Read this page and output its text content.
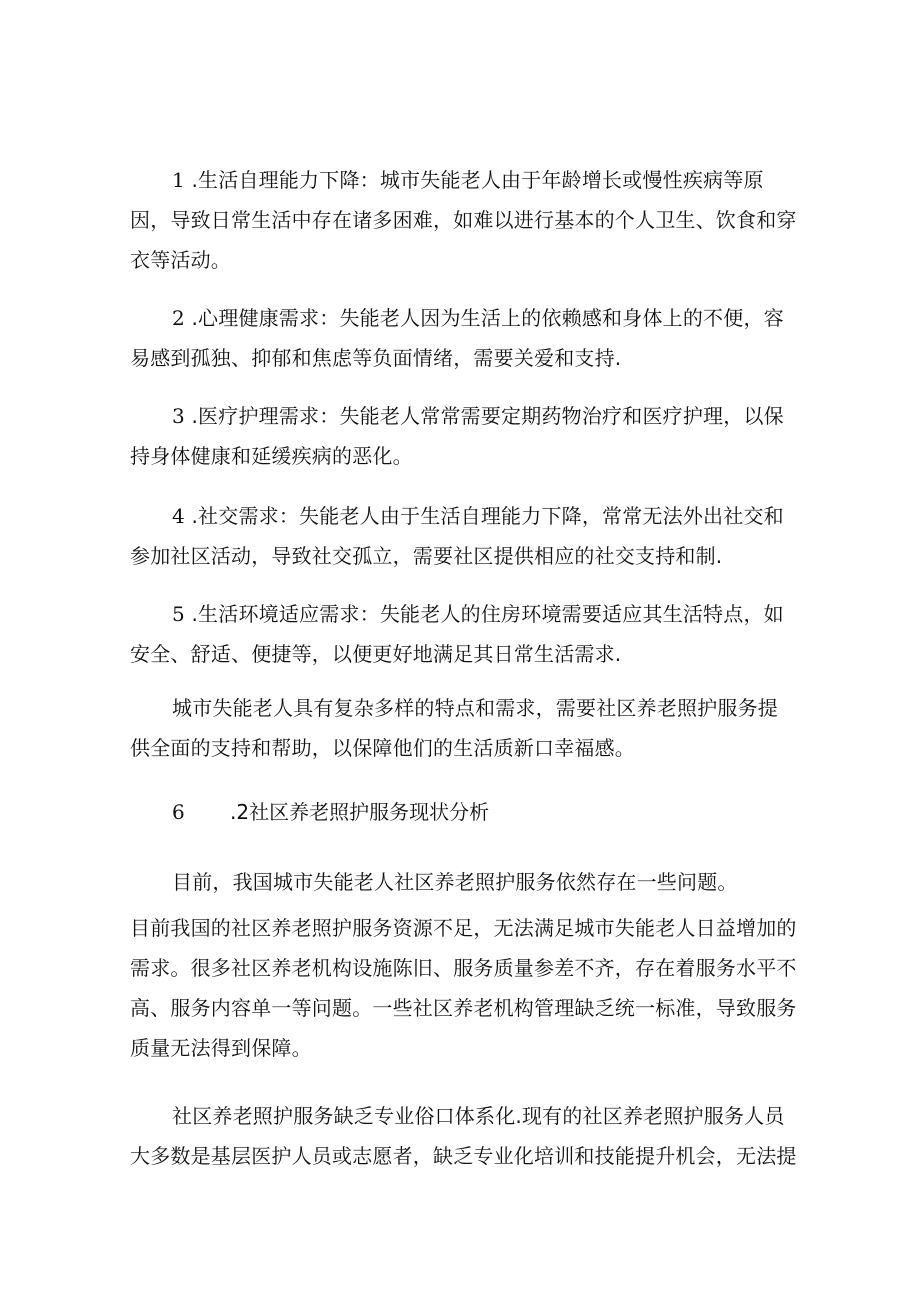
1 .生活自理能力下降：城市失能老人由于年龄增长或慢性疾病等原因，导致日常生活中存在诸多困难，如难以进行基本的个人卫生、饮食和穿衣等活动。

2 .心理健康需求：失能老人因为生活上的依赖感和身体上的不便，容易感到孤独、抑郁和焦虑等负面情绪，需要关爱和支持.

3 .医疗护理需求：失能老人常常需要定期药物治疗和医疗护理，以保持身体健康和延缓疾病的恶化。

4 .社交需求：失能老人由于生活自理能力下降，常常无法外出社交和参加社区活动，导致社交孤立，需要社区提供相应的社交支持和制.

5 .生活环境适应需求：失能老人的住房环境需要适应其生活特点，如安全、舒适、便捷等，以便更好地满足其日常生活需求.

城市失能老人具有复杂多样的特点和需求，需要社区养老照护服务提供全面的支持和帮助，以保障他们的生活质新口幸福感。

6 .2社区养老照护服务现状分析

目前，我国城市失能老人社区养老照护服务依然存在一些问题。

目前我国的社区养老照护服务资源不足，无法满足城市失能老人日益增加的需求。很多社区养老机构设施陈旧、服务质量参差不齐，存在着服务水平不高、服务内容单一等问题。一些社区养老机构管理缺乏统一标准，导致服务质量无法得到保障。

社区养老照护服务缺乏专业俗口体系化.现有的社区养老照护服务人员大多数是基层医护人员或志愿者，缺乏专业化培训和技能提升机会，无法提
